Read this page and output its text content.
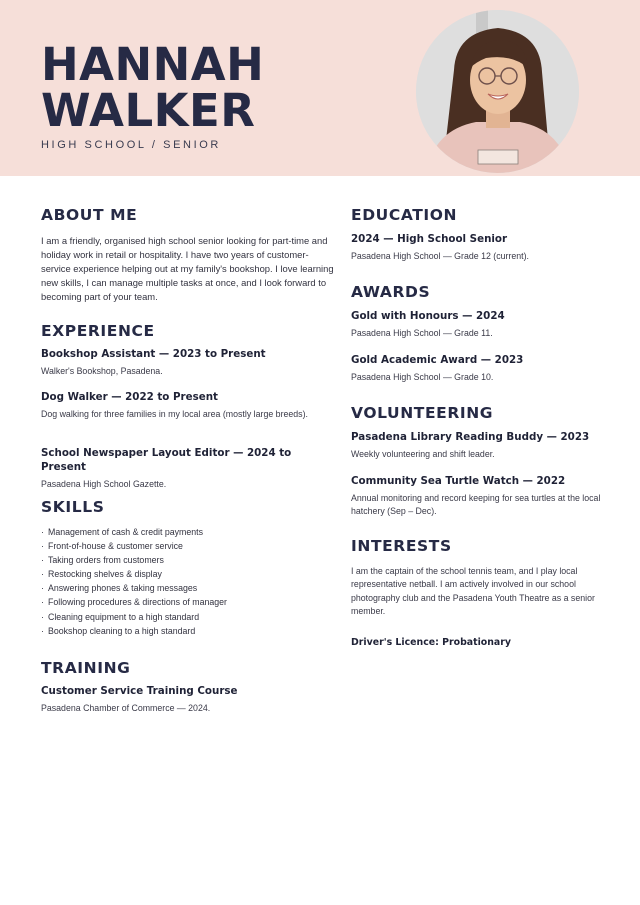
HANNAH
WALKER
HIGH SCHOOL / SENIOR
ABOUT ME
I am a friendly, organised high school senior looking for part-time and holiday work in retail or hospitality. I have two years of customer-service experience helping out at my family's bookshop. I love learning new skills, I can manage multiple tasks at once, and I look forward to becoming part of your team.
EXPERIENCE
Bookshop Assistant — 2023 to Present
Walker's Bookshop, Pasadena.
Dog Walker — 2022 to Present
Dog walking for three families in my local area (mostly large breeds).
School Newspaper Layout Editor — 2024 to Present
Pasadena High School Gazette.
SKILLS
· Management of cash & credit payments
· Front-of-house & customer service
· Taking orders from customers
· Restocking shelves & display
· Answering phones & taking messages
· Following procedures & directions of manager
· Cleaning equipment to a high standard
· Bookshop cleaning to a high standard
TRAINING
Customer Service Training Course
Pasadena Chamber of Commerce — 2024.
EDUCATION
2024 — High School Senior
Pasadena High School — Grade 12 (current).
AWARDS
Gold with Honours — 2024
Pasadena High School — Grade 11.
Gold Academic Award — 2023
Pasadena High School — Grade 10.
VOLUNTEERING
Pasadena Library Reading Buddy — 2023
Weekly volunteering and shift leader.
Community Sea Turtle Watch — 2022
Annual monitoring and record keeping for sea turtles at the local hatchery (Sep – Dec).
INTERESTS
I am the captain of the school tennis team, and I play local representative netball. I am actively involved in our school photography club and the Pasadena Youth Theatre as a senior member.
Driver's Licence: Probationary
